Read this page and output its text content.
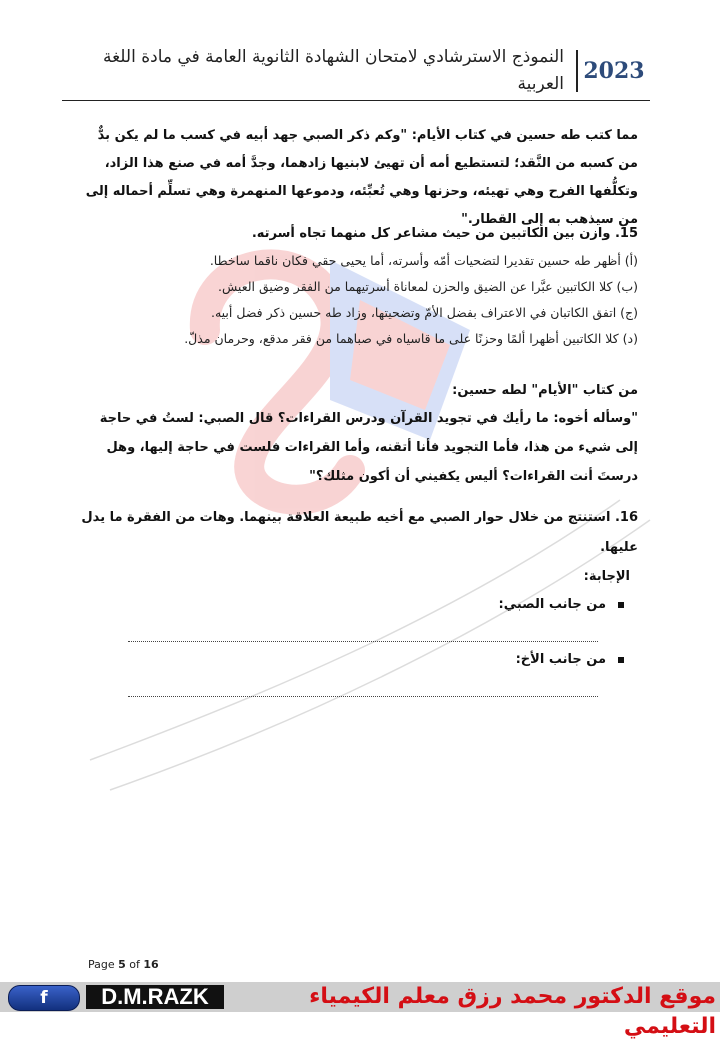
2023
النموذج الاسترشادي لامتحان الشهادة الثانوية العامة في مادة اللغة العربية
مما كتب طه حسين في كتاب الأيام: "وكم ذكر الصبي جهد أبيه في كسب ما لم يكن بدٌّ من كسبه من النَّقد؛ لتستطيع أمه أن تهيئ لابنيها زادهما، وجدَّ أمه في صنع هذا الزاد، وتكلُّفها الفرح وهي تهيئه، وحزنها وهي تُعبِّئه، ودموعها المنهمرة وهي تسلِّم أحماله إلى من سيذهب به إلى القطار."
15. وازن بين الكاتبين من حيث مشاعر كل منهما تجاه أسرته.
(أ) أظهر طه حسين تقديرا لتضحيات أمّه وأسرته، أما يحيى حقي فكان ناقما ساخطا.
(ب) كلا الكاتبين عبَّرا عن الضيق والحزن لمعاناة أسرتيهما من الفقر وضيق العيش.
(ج) اتفق الكاتبان في الاعتراف بفضل الأمّ وتضحيتها، وزاد طه حسين ذكر فضل أبيه.
(د) كلا الكاتبين أظهرا ألمًا وحزنًا على ما قاسياه في صباهما من فقر مدقع، وحرمان مذلّ.
من كتاب "الأيام" لطه حسين:
"وسأله أخوه: ما رأيك في تجويد القرآن ودرس القراءات؟ قال الصبي: لستُ في حاجة إلى شيء من هذا، فأما التجويد فأنا أتقنه، وأما القراءات فلست في حاجة إليها، وهل درستَ أنت القراءات؟ أليس يكفيني أن أكون مثلك؟"
16. استنتج من خلال حوار الصبي مع أخيه طبيعة العلاقة بينهما. وهات من الفقرة ما يدل عليها.
الإجابة:
من جانب الصبي:
من جانب الأخ:
Page 5 of 16
f	D.M.RAZK	موقع الدكتور محمد رزق معلم الكيمياء التعليمي
